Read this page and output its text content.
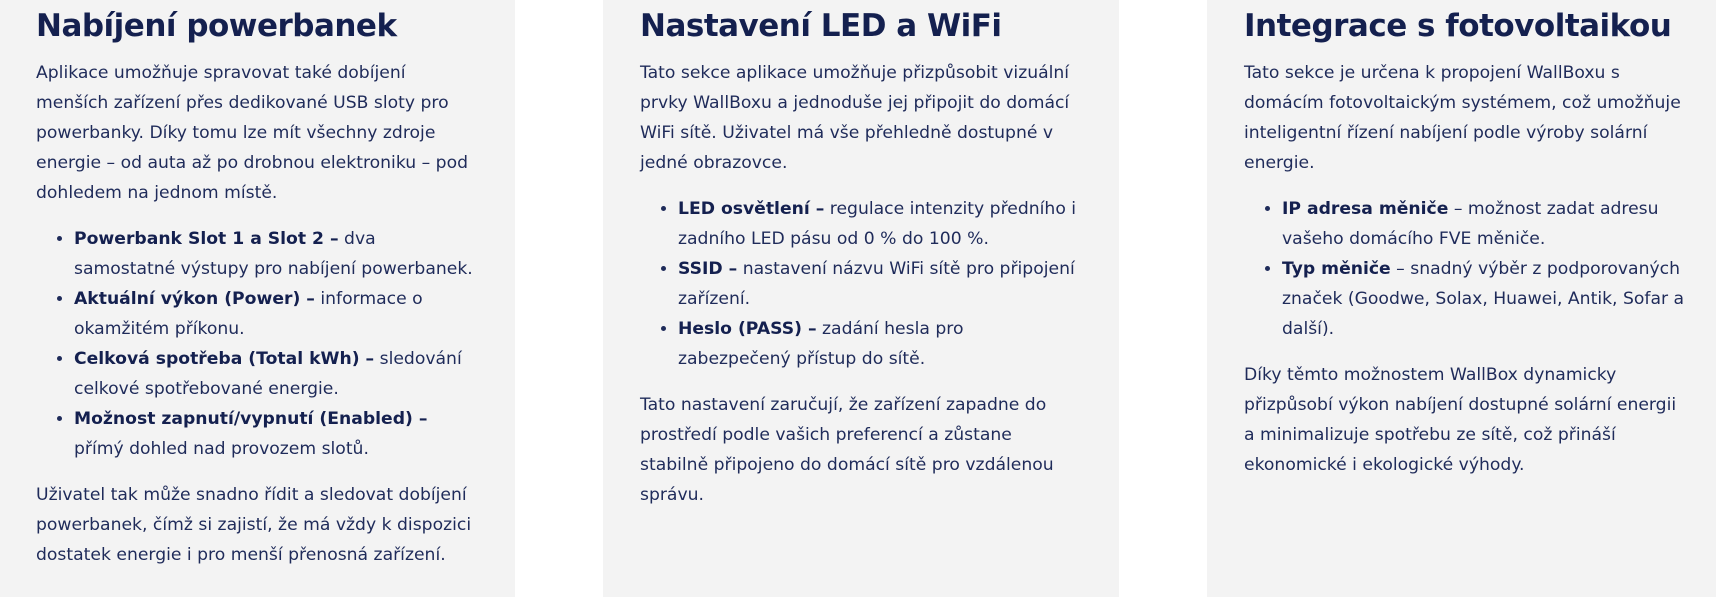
Nabíjení powerbanek

Aplikace umožňuje spravovat také dobíjení menších zařízení přes dedikované USB sloty pro powerbanky. Díky tomu lze mít všechny zdroje energie – od auta až po drobnou elektroniku – pod dohledem na jednom místě.

• Powerbank Slot 1 a Slot 2 – dva samostatné výstupy pro nabíjení powerbanek.
• Aktuální výkon (Power) – informace o okamžitém příkonu.
• Celková spotřeba (Total kWh) – sledování celkové spotřebované energie.
• Možnost zapnutí/vypnutí (Enabled) – přímý dohled nad provozem slotů.

Uživatel tak může snadno řídit a sledovat dobíjení powerbanek, čímž si zajistí, že má vždy k dispozici dostatek energie i pro menší přenosná zařízení.

Nastavení LED a WiFi

Tato sekce aplikace umožňuje přizpůsobit vizuální prvky WallBoxu a jednoduše jej připojit do domácí WiFi sítě. Uživatel má vše přehledně dostupné v jedné obrazovce.

• LED osvětlení – regulace intenzity předního i zadního LED pásu od 0 % do 100 %.
• SSID – nastavení názvu WiFi sítě pro připojení zařízení.
• Heslo (PASS) – zadání hesla pro zabezpečený přístup do sítě.

Tato nastavení zaručují, že zařízení zapadne do prostředí podle vašich preferencí a zůstane stabilně připojeno do domácí sítě pro vzdálenou správu.

Integrace s fotovoltaikou

Tato sekce je určena k propojení WallBoxu s domácím fotovoltaickým systémem, což umožňuje inteligentní řízení nabíjení podle výroby solární energie.

• IP adresa měniče – možnost zadat adresu vašeho domácího FVE měniče.
• Typ měniče – snadný výběr z podporovaných značek (Goodwe, Solax, Huawei, Antik, Sofar a další).

Díky těmto možnostem WallBox dynamicky přizpůsobí výkon nabíjení dostupné solární energii a minimalizuje spotřebu ze sítě, což přináší ekonomické i ekologické výhody.
